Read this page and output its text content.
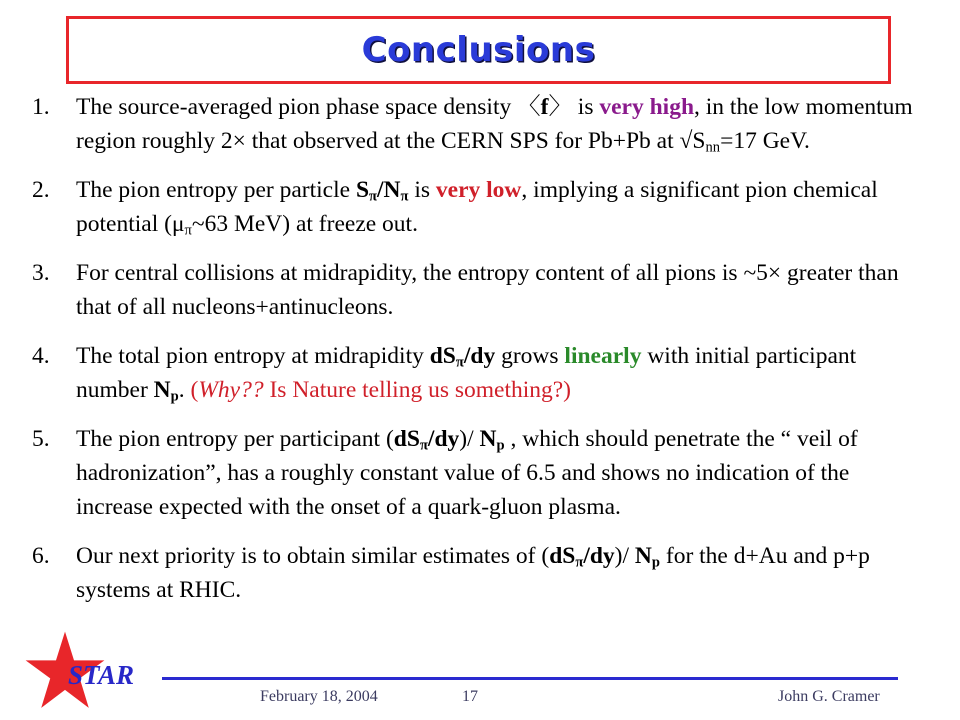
Conclusions
1.	The source-averaged pion phase space density 〈f〉 is very high, in the low momentum region roughly 2× that observed at the CERN SPS for Pb+Pb at $√S_{nn}=17$ GeV.
2.	The pion entropy per particle $S_\pi/N_\pi$ is very low, implying a significant pion chemical potential ($\mu_\pi\sim 63$ MeV) at freeze out.
3.	For central collisions at midrapidity, the entropy content of all pions is ~5× greater than that of all nucleons+antinucleons.
4.	The total pion entropy at midrapidity $dS_\pi/dy$ grows linearly with initial participant number $N_p$. (Why?? Is Nature telling us something?)
5.	The pion entropy per participant $(dS_\pi/dy)/$ $N_p$ , which should penetrate the “ veil of hadronization”, has a roughly constant value of 6.5 and shows no indication of the increase expected with the onset of a quark-gluon plasma.
6.	Our next priority is to obtain similar estimates of $(dS_\pi/dy)/$ $N_p$ for the d+Au and p+p systems at RHIC.
STAR
February 18, 2004	17	John G. Cramer
